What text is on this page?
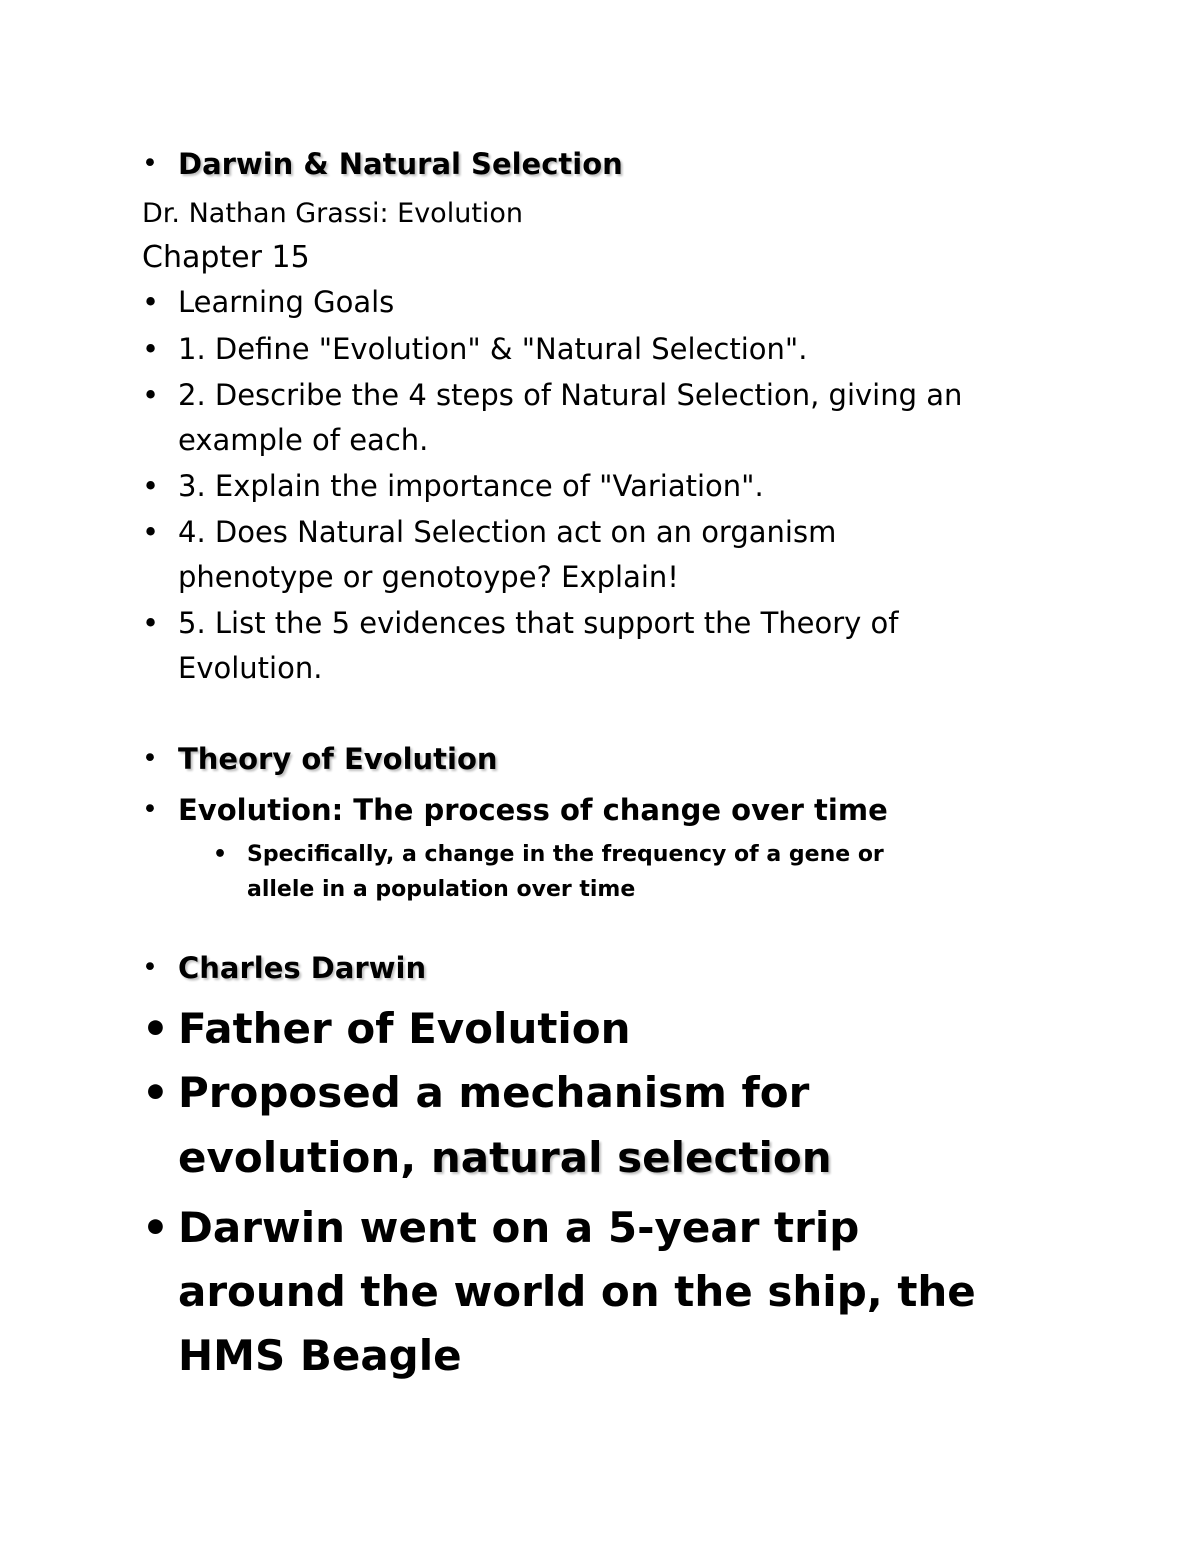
• Darwin & Natural Selection
Dr. Nathan Grassi: Evolution
Chapter 15
• Learning Goals
• 1. Define "Evolution" & "Natural Selection".
• 2. Describe the 4 steps of Natural Selection, giving an
example of each.
• 3. Explain the importance of "Variation".
• 4. Does Natural Selection act on an organism
phenotype or genotoype? Explain!
• 5. List the 5 evidences that support the Theory of
Evolution.
• Theory of Evolution
• Evolution: The process of change over time
• Specifically, a change in the frequency of a gene or
allele in a population over time
• Charles Darwin
• Father of Evolution
• Proposed a mechanism for
evolution, natural selection
• Darwin went on a 5-year trip
around the world on the ship, the
HMS Beagle
